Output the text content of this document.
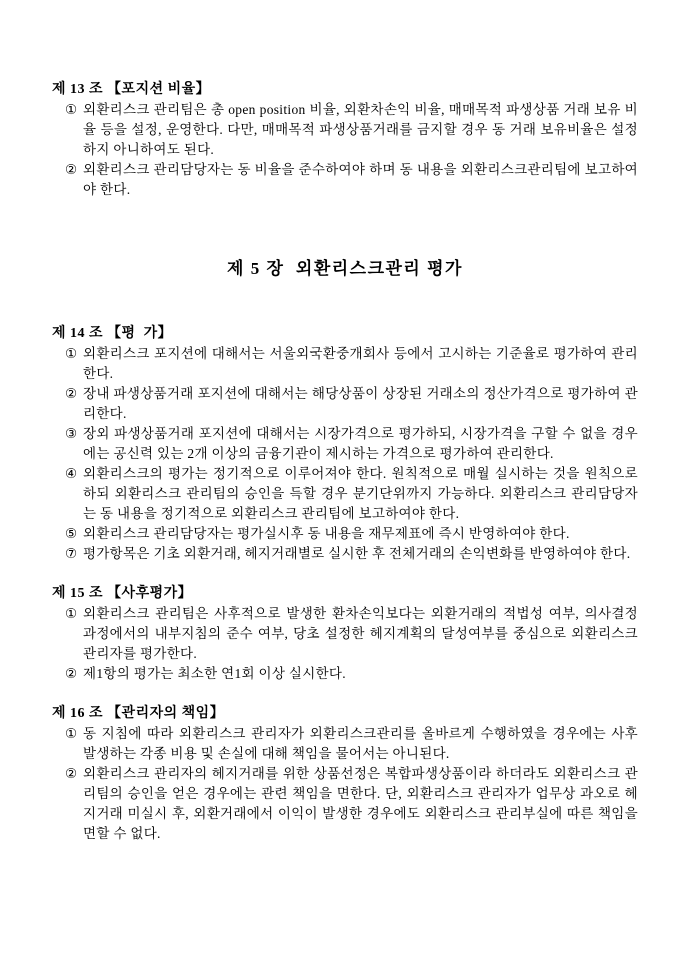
제 13 조 【포지션 비율】
① 외환리스크 관리팀은 총 open position 비율, 외환차손익 비율, 매매목적 파생상품 거래 보유 비율 등을 설정, 운영한다. 다만, 매매목적 파생상품거래를 금지할 경우 동 거래 보유비율은 설정하지 아니하여도 된다.
② 외환리스크 관리담당자는 동 비율을 준수하여야 하며 동 내용을 외환리스크관리팀에 보고하여야 한다.
제 5 장  외환리스크관리 평가
제 14 조 【평  가】
① 외환리스크 포지션에 대해서는 서울외국환중개회사 등에서 고시하는 기준율로 평가하여 관리한다.
② 장내 파생상품거래 포지션에 대해서는 해당상품이 상장된 거래소의 정산가격으로 평가하여 관리한다.
③ 장외 파생상품거래 포지션에 대해서는 시장가격으로 평가하되, 시장가격을 구할 수 없을 경우에는 공신력 있는 2개 이상의 금융기관이 제시하는 가격으로 평가하여 관리한다.
④ 외환리스크의 평가는 정기적으로 이루어져야 한다. 원칙적으로 매월 실시하는 것을 원칙으로 하되 외환리스크 관리팀의 승인을 득할 경우 분기단위까지 가능하다. 외환리스크 관리담당자는 동 내용을 정기적으로 외환리스크 관리팀에 보고하여야 한다.
⑤ 외환리스크 관리담당자는 평가실시후 동 내용을 재무제표에 즉시 반영하여야 한다.
⑦ 평가항목은 기초 외환거래, 헤지거래별로 실시한 후 전체거래의 손익변화를 반영하여야 한다.
제 15 조 【사후평가】
① 외환리스크 관리팀은 사후적으로 발생한 환차손익보다는 외환거래의 적법성 여부, 의사결정 과정에서의 내부지침의 준수 여부, 당초 설정한 헤지계획의 달성여부를 중심으로 외환리스크 관리자를 평가한다.
② 제1항의 평가는 최소한 연1회 이상 실시한다.
제 16 조 【관리자의 책임】
① 동 지침에 따라 외환리스크 관리자가 외환리스크관리를 올바르게 수행하였을 경우에는 사후 발생하는 각종 비용 및 손실에 대해 책임을 물어서는 아니된다.
② 외환리스크 관리자의 헤지거래를 위한 상품선정은 복합파생상품이라 하더라도 외환리스크 관리팀의 승인을 얻은 경우에는 관련 책임을 면한다. 단, 외환리스크 관리자가 업무상 과오로 헤지거래 미실시 후, 외환거래에서 이익이 발생한 경우에도 외환리스크 관리부실에 따른 책임을 면할 수 없다.
